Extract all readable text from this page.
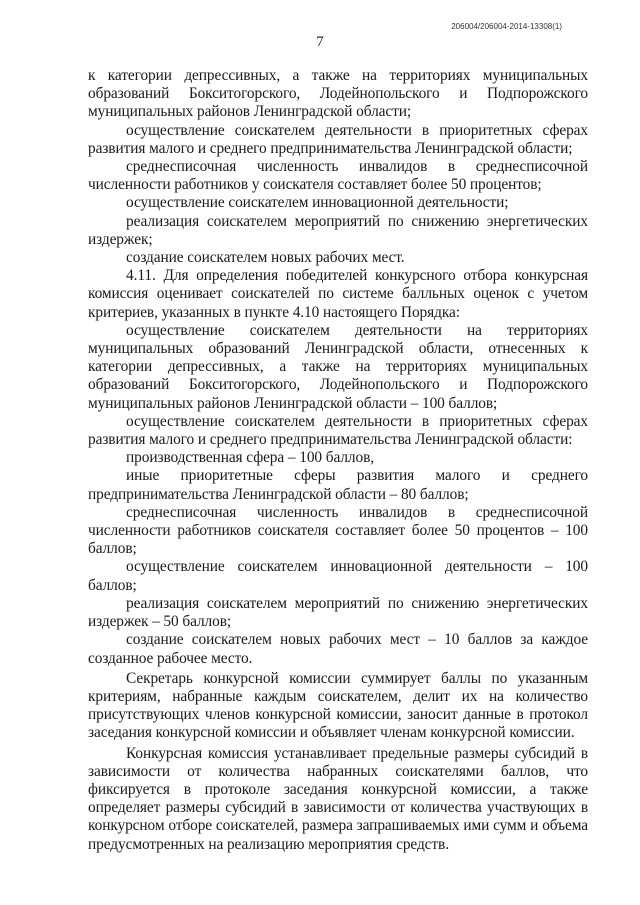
206004/206004-2014-13308(1)
7

к категории депрессивных, а также на территориях муниципальных образований Бокситогорского, Лодейнопольского и Подпорожского муниципальных районов Ленинградской области;

осуществление соискателем деятельности в приоритетных сферах развития малого и среднего предпринимательства Ленинградской области;

среднесписочная численность инвалидов в среднесписочной численности работников у соискателя составляет более 50 процентов;

осуществление соискателем инновационной деятельности;

реализация соискателем мероприятий по снижению энергетических издержек;

создание соискателем новых рабочих мест.

4.11. Для определения победителей конкурсного отбора конкурсная комиссия оценивает соискателей по системе балльных оценок с учетом критериев, указанных в пункте 4.10 настоящего Порядка:

осуществление соискателем деятельности на территориях муниципальных образований Ленинградской области, отнесенных к категории депрессивных, а также на территориях муниципальных образований Бокситогорского, Лодейнопольского и Подпорожского муниципальных районов Ленинградской области – 100 баллов;

осуществление соискателем деятельности в приоритетных сферах развития малого и среднего предпринимательства Ленинградской области:

производственная сфера – 100 баллов,

иные приоритетные сферы развития малого и среднего предпринимательства Ленинградской области – 80 баллов;

среднесписочная численность инвалидов в среднесписочной численности работников соискателя составляет более 50 процентов – 100 баллов;

осуществление соискателем инновационной деятельности – 100 баллов;

реализация соискателем мероприятий по снижению энергетических издержек – 50 баллов;

создание соискателем новых рабочих мест – 10 баллов за каждое созданное рабочее место.

Секретарь конкурсной комиссии суммирует баллы по указанным критериям, набранные каждым соискателем, делит их на количество присутствующих членов конкурсной комиссии, заносит данные в протокол заседания конкурсной комиссии и объявляет членам конкурсной комиссии.

Конкурсная комиссия устанавливает предельные размеры субсидий в зависимости от количества набранных соискателями баллов, что фиксируется в протоколе заседания конкурсной комиссии, а также определяет размеры субсидий в зависимости от количества участвующих в конкурсном отборе соискателей, размера запрашиваемых ими сумм и объема предусмотренных на реализацию мероприятия средств.
